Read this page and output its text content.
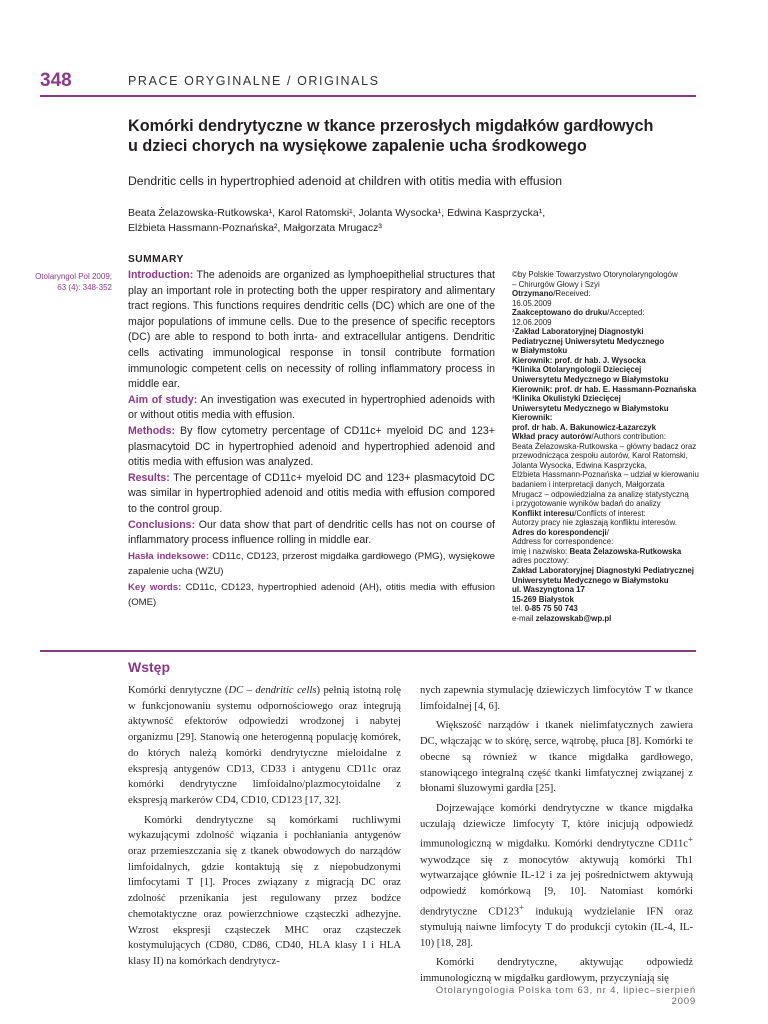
348	PRACE ORYGINALNE / ORIGINALS
Komórki dendrytyczne w tkance przerosłych migdałków gardłowych
u dzieci chorych na wysiękowe zapalenie ucha środkowego
Dendritic cells in hypertrophied adenoid at children with otitis media with effusion
Beata Żelazowska-Rutkowska¹, Karol Ratomski¹, Jolanta Wysocka¹, Edwina Kasprzycka¹,
Elżbieta Hassmann-Poznańska², Małgorzata Mrugacz³
SUMMARY
Otolaryngol Pol 2009;
63 (4): 348-352

Introduction: The adenoids are organized as lymphoepithelial structures that play an important role in protecting both the upper respiratory and alimentary tract regions. This functions requires dendritic cells (DC) which are one of the major populations of immune cells. Due to the presence of specific receptors (DC) are able to respond to both inrta- and extracellular antigens. Dendritic cells activating immunological response in tonsil contribute formation immunologic competent cells on necessity of rolling inflammatory process in middle ear.

Aim of study: An investigation was executed in hypertrophied adenoids with or without otitis media with effusion.

Methods: By flow cytometry percentage of CD11c+ myeloid DC and 123+ plasmacytoid DC in hypertrophied adenoid and hypertrophied adenoid and otitis media with effusion was analyzed.

Results: The percentage of CD11c+ myeloid DC and 123+ plasmacytoid DC was similar in hypertrophied adenoid and otitis media with effusion compored to the control group.

Conclusions: Our data show that part of dendritic cells has not on course of inflammatory process influence rolling in middle ear.

Hasła indeksowe: CD11c, CD123, przerost migdałka gardłowego (PMG), wysiękowe zapalenie ucha (WZU)

Key words: CD11c, CD123, hypertrophied adenoid (AH), otitis media with effusion (OME)

©by Polskie Towarzystwo Otorynolaryngologów
– Chirurgów Głowy i Szyi
Otrzymano/Received:
16.05.2009
Zaakceptowano do druku/Accepted:
12.06.2009
¹Zakład Laboratoryjnej Diagnostyki
Pediatrycznej Uniwersytetu Medycznego
w Białymstoku
Kierownik: prof. dr hab. J. Wysocka
²Klinika Otolaryngologii Dziecięcej
Uniwersytetu Medycznego w Białymstoku
Kierownik: prof. dr hab. E. Hassmann-Poznańska
³Klinika Okulistyki Dziecięcej
Uniwersytetu Medycznego w Białymstoku
Kierownik:
prof. dr hab. A. Bakunowicz-Łazarczyk
Wkład pracy autorów/Authors contribution:
Beata Żelazowska-Rutkowska – główny badacz oraz
przewodnicząca zespołu autorów, Karol Ratomski,
Jolanta Wysocka, Edwina Kasprzycka,
Elżbieta Hassmann-Poznańska – udział w kierowaniu
badaniem i interpretacji danych, Małgorzata
Mrugacz – odpowiedzialna za analizę statystyczną
i przygotowanie wyników badań do analizy
Konflikt interesu/Conflicts of interest:
Autorzy pracy nie zgłaszają konfliktu interesów.
Adres do korespondencji/
Address for correspondence:
imię i nazwisko: Beata Żelazowska-Rutkowska
adres pocztowy:
Zakład Laboratoryjnej Diagnostyki Pediatrycznej
Uniwersytetu Medycznego w Białymstoku
ul. Waszyngtona 17
15-269 Białystok
tel. 0-85 75 50 743
e-mail zelazowskab@wp.pl
Wstęp

Komórki denrytyczne (DC – dendritic cells) pełnią istotną rolę w funkcjonowaniu systemu odpornościowego oraz integrują aktywność efektorów odpowiedzi wrodzonej i nabytej organizmu [29]. Stanowią one heterogenną populację komórek, do których należą komórki dendrytyczne mieloidalne z ekspresją antygenów CD13, CD33 i antygenu CD11c oraz komórki dendrytyczne limfoidalno/plazmocytoidalne z ekspresją markerów CD4, CD10, CD123 [17, 32].

Komórki dendrytyczne są komórkami ruchliwymi wykazującymi zdolność wiązania i pochłaniania antygenów oraz przemieszczania się z tkanek obwodowych do narządów limfoidalnych, gdzie kontaktują się z niepobudzonymi limfocytami T [1]. Proces związany z migracją DC oraz zdolność przenikania jest regulowany przez bodźce chemotaktyczne oraz powierzchniowe cząsteczki adhezyjne. Wzrost ekspresji cząsteczek MHC oraz cząsteczek kostymulujących (CD80, CD86, CD40, HLA klasy I i HLA klasy II) na komórkach dendrytycz-

nych zapewnia stymulację dziewiczych limfocytów T w tkance limfoidalnej [4, 6].

Większość narządów i tkanek nielimfatycznych zawiera DC, włączając w to skórę, serce, wątrobę, płuca [8]. Komórki te obecne są również w tkance migdałka gardłowego, stanowiącego integralną część tkanki limfatycznej związanej z błonami śluzowymi gardła [25].

Dojrzewające komórki dendrytyczne w tkance migdałka uczulają dziewicze limfocyty T, które inicjują odpowiedź immunologiczną w migdałku. Komórki dendrytyczne CD11c+ wywodzące się z monocytów aktywują komórki Th1 wytwarzające głównie IL-12 i za jej pośrednictwem aktywują odpowiedź komórkową [9, 10]. Natomiast komórki dendrytyczne CD123+ indukują wydzielanie IFN oraz stymulują naiwne limfocyty T do produkcji cytokin (IL-4, IL-10) [18, 28].

Komórki dendrytyczne, aktywując odpowiedź immunologiczną w migdałku gardłowym, przyczyniają się

Otolaryngologia Polska tom 63, nr 4, lipiec–sierpień 2009
